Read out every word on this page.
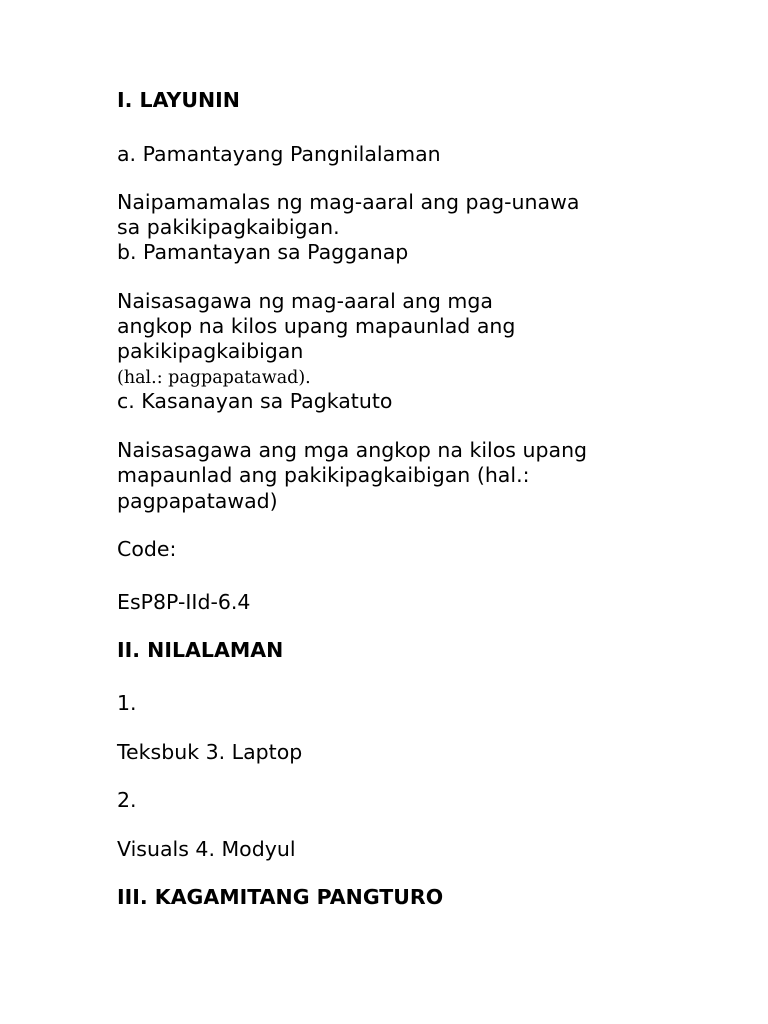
I. LAYUNIN

a. Pamantayang Pangnilalaman

Naipamamalas ng mag-aaral ang pag-unawa

sa pakikipagkaibigan.

b. Pamantayan sa Pagganap

Naisasagawa ng mag-aaral ang mga

angkop na kilos upang mapaunlad ang

pakikipagkaibigan

(hal.: pagpapatawad).

c. Kasanayan sa Pagkatuto

Naisasagawa ang mga angkop na kilos upang

mapaunlad ang pakikipagkaibigan (hal.:

pagpapatawad)

Code:

EsP8P-IId-6.4

II. NILALAMAN

1.

Teksbuk 3. Laptop

2.

Visuals 4. Modyul

III. KAGAMITANG PANGTURO
